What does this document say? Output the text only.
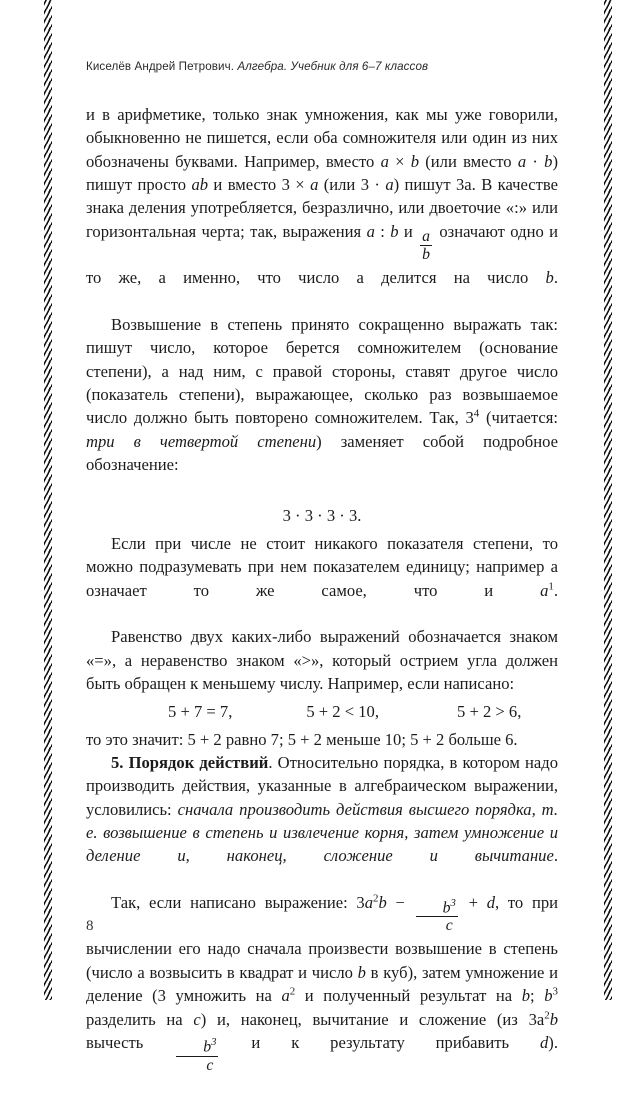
Киселёв Андрей Петрович. Алгебра. Учебник для 6–7 классов

и в арифметике, только знак умножения, как мы уже говорили, обыкновенно не пишется, если оба сомножителя или один из них обозначены буквами. Например, вместо a × b (или вместо a · b) пишут просто ab и вместо 3 × a (или 3 · a) пишут 3а. В качестве знака деления употребляется, безразлично, или двоеточие «:» или горизонтальная черта; так, выражения a : b и $\frac{a}{b}$ означают одно и то же, а именно, что число а делится на число b.

Возвышение в степень принято сокращенно выражать так: пишут число, которое берется сомножителем (основание степени), а над ним, с правой стороны, ставят другое число (показатель степени), выражающее, сколько раз возвышаемое число должно быть повторено сомножителем. Так, $3^4$ (читается: три в четвертой степени) заменяет собой подробное обозначение:

3 · 3 · 3 · 3.

Если при числе не стоит никакого показателя степени, то можно подразумевать при нем показателем единицу; например а означает то же самое, что и $a^1$.

Равенство двух каких-либо выражений обозначается знаком «=», а неравенство знаком «>», который острием угла должен быть обращен к меньшему числу. Например, если написано:

5 + 7 = 7,	5 + 2 < 10,	5 + 2 > 6,

то это значит: 5 + 2 равно 7; 5 + 2 меньше 10; 5 + 2 больше 6.

5. Порядок действий. Относительно порядка, в котором надо производить действия, указанные в алгебраическом выражении, условились: сначала производить действия высшего порядка, т. е. возвышение в степень и извлечение корня, затем умножение и деление и, наконец, сложение и вычитание.

Так, если написано выражение: $3a^2b - \frac{b^3}{c} + d$, то при вычислении его надо сначала произвести возвышение в степень (число а возвысить в квадрат и число b в куб), затем умножение и деление (3 умножить на $a^2$ и полученный результат на b; $b^3$ разделить на c) и, наконец, вычитание и сложение (из $3а^2b$ вычесть $\frac{b^3}{c}$ и к результату прибавить d).

8
